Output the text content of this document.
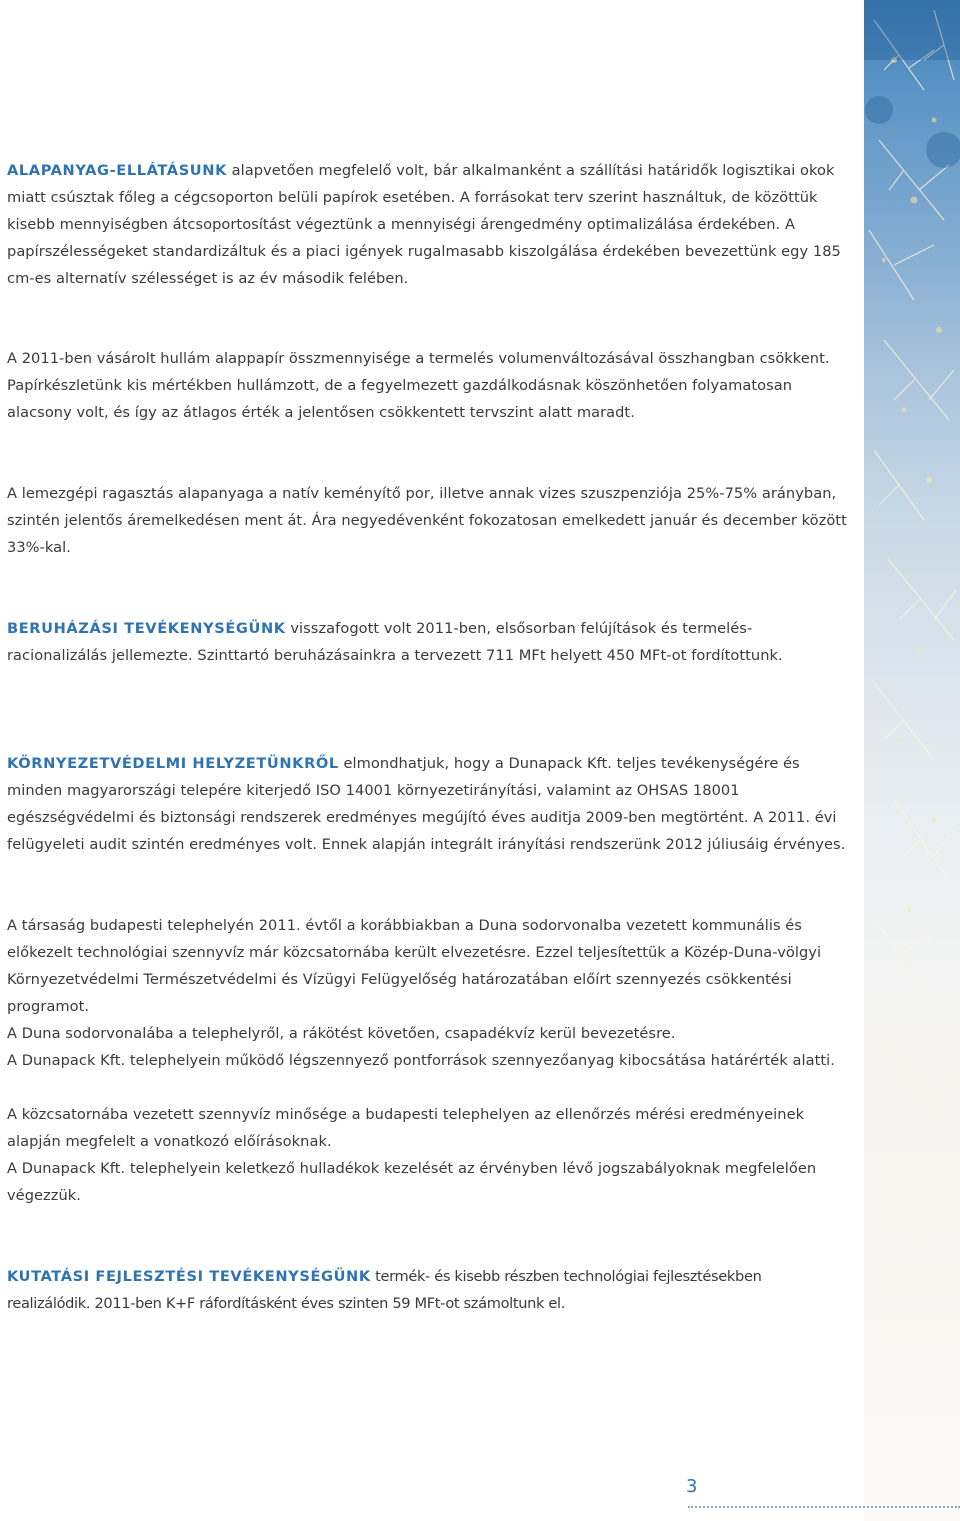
ALAPANYAG-ELLÁTÁSUNK alapvetően megfelelő volt, bár alkalmanként a szállítási határidők logisztikai okok miatt csúsztak főleg a cégcsoporton belüli papírok esetében. A forrásokat terv szerint használtuk, de közöttük kisebb mennyiségben átcsoportosítást végeztünk a mennyiségi árengedmény optimalizálása érdekében. A papírszélességeket standardizáltuk és a piaci igények rugalmasabb kiszolgálása érdekében bevezettünk egy 185 cm-es alternatív szélességet is az év második felében.

A 2011-ben vásárolt hullám alappapír összmennyisége a termelés volumenváltozásával összhangban csökkent. Papírkészletünk kis mértékben hullámzott, de a fegyelmezett gazdálkodásnak köszönhetően folyamatosan alacsony volt, és így az átlagos érték a jelentősen csökkentett tervszint alatt maradt.

A lemezgépi ragasztás alapanyaga a natív keményítő por, illetve annak vizes szuszpenziója 25%-75% arányban, szintén jelentős áremelkedésen ment át. Ára negyedévenként fokozatosan emelkedett január és december között 33%-kal.

BERUHÁZÁSI TEVÉKENYSÉGÜNK visszafogott volt 2011-ben, elsősorban felújítások és termelés-racionalizálás jellemezte. Szinttartó beruházásainkra a tervezett 711 MFt helyett 450 MFt-ot fordítottunk.

KÖRNYEZETVÉDELMI HELYZETÜNKRŐL elmondhatjuk, hogy a Dunapack Kft. teljes tevékenységére és minden magyarországi telepére kiterjedő ISO 14001 környezetirányítási, valamint az OHSAS 18001 egészségvédelmi és biztonsági rendszerek eredményes megújító éves auditja 2009-ben megtörtént. A 2011. évi felügyeleti audit szintén eredményes volt. Ennek alapján integrált irányítási rendszerünk 2012 júliusáig érvényes.

A társaság budapesti telephelyén 2011. évtől a korábbiakban a Duna sodorvonalba vezetett kommunális és előkezelt technológiai szennyvíz már közcsatornába került elvezetésre. Ezzel teljesítettük a Közép-Duna-völgyi Környezetvédelmi Természetvédelmi és Vízügyi Felügyelőség határozatában előírt szennyezés csökkentési programot.

A Duna sodorvonalába a telephelyről, a rákötést követően, csapadékvíz kerül bevezetésre.

A Dunapack Kft. telephelyein működő légszennyező pontforrások szennyezőanyag kibocsátása határérték alatti.

A közcsatornába vezetett szennyvíz minősége a budapesti telephelyen az ellenőrzés mérési eredményeinek alapján megfelelt a vonatkozó előírásoknak.

A Dunapack Kft. telephelyein keletkező hulladékok kezelését az érvényben lévő jogszabályoknak megfelelően végezzük.

KUTATÁSI FEJLESZTÉSI TEVÉKENYSÉGÜNK termék- és kisebb részben technológiai fejlesztésekben realizálódik. 2011-ben K+F ráfordításként éves szinten 59 MFt-ot számoltunk el.

3
